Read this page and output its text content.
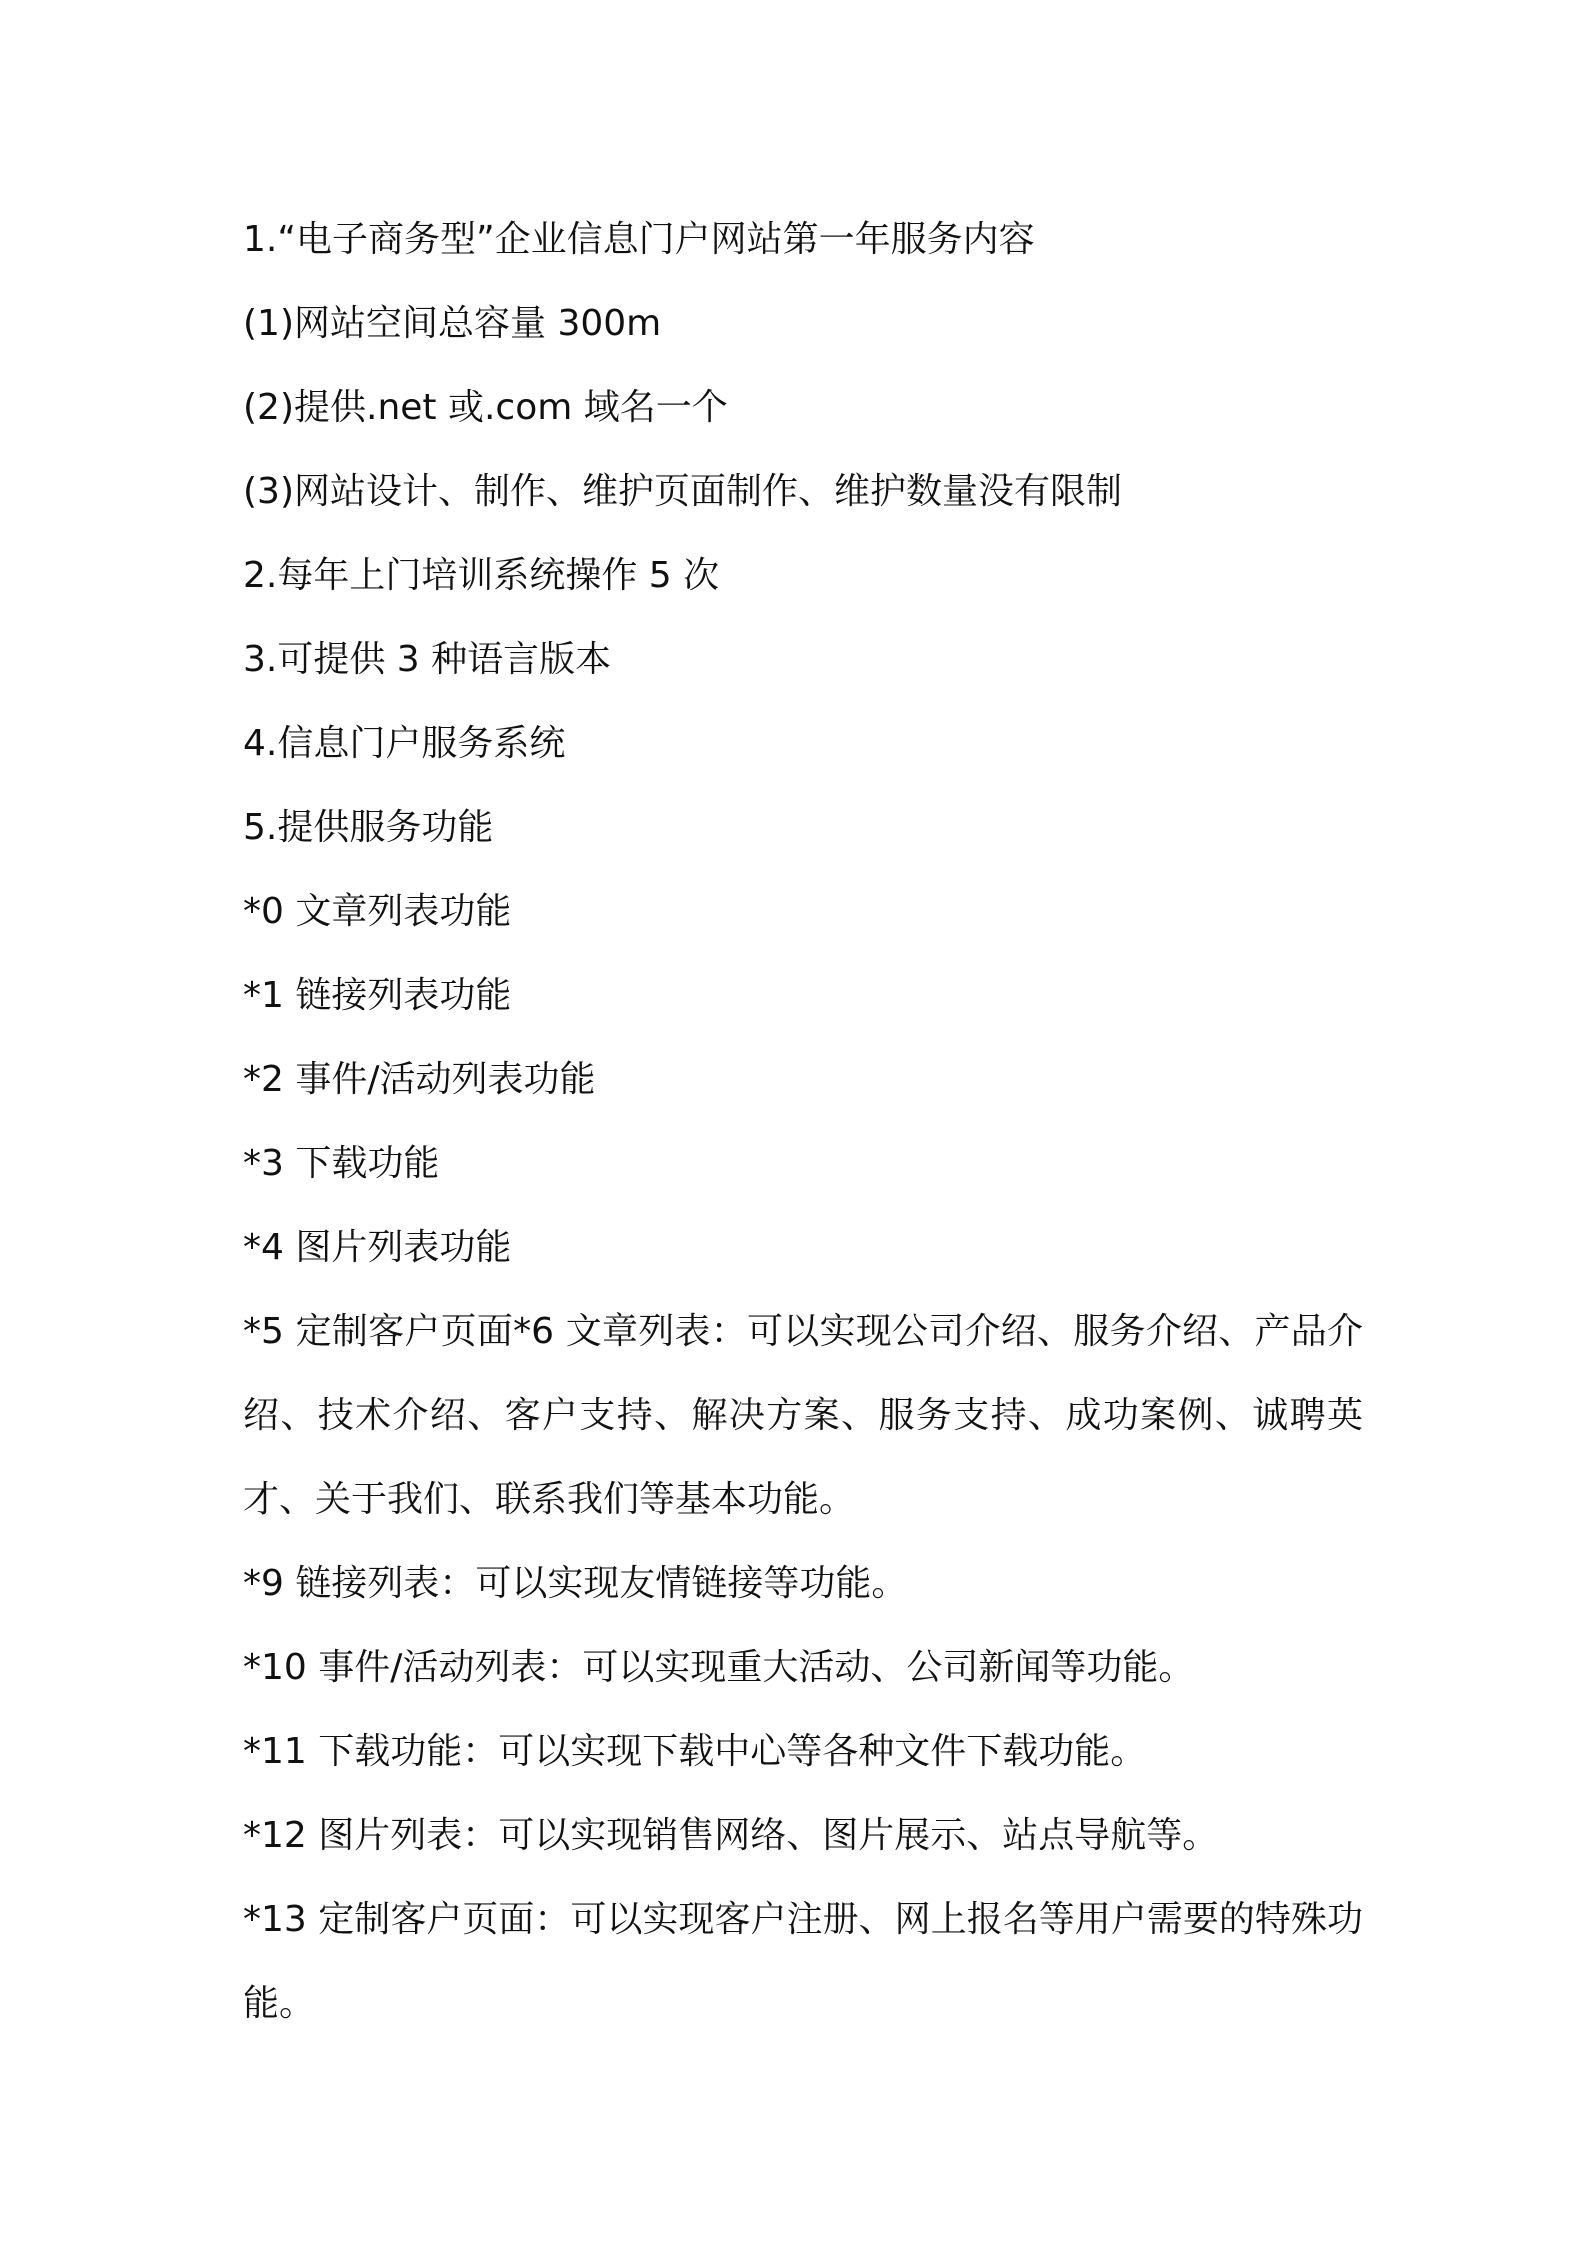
1.“电子商务型”企业信息门户网站第一年服务内容

(1)网站空间总容量 300m

(2)提供.net 或.com 域名一个

(3)网站设计、制作、维护页面制作、维护数量没有限制

2.每年上门培训系统操作 5 次

3.可提供 3 种语言版本

4.信息门户服务系统

5.提供服务功能

*0 文章列表功能

*1 链接列表功能

*2 事件/活动列表功能

*3 下载功能

*4 图片列表功能

*5 定制客户页面*6 文章列表：可以实现公司介绍、服务介绍、产品介绍、技术介绍、客户支持、解决方案、服务支持、成功案例、诚聘英才、关于我们、联系我们等基本功能。

*9 链接列表：可以实现友情链接等功能。

*10 事件/活动列表：可以实现重大活动、公司新闻等功能。

*11 下载功能：可以实现下载中心等各种文件下载功能。

*12 图片列表：可以实现销售网络、图片展示、站点导航等。

*13 定制客户页面：可以实现客户注册、网上报名等用户需要的特殊功能。
